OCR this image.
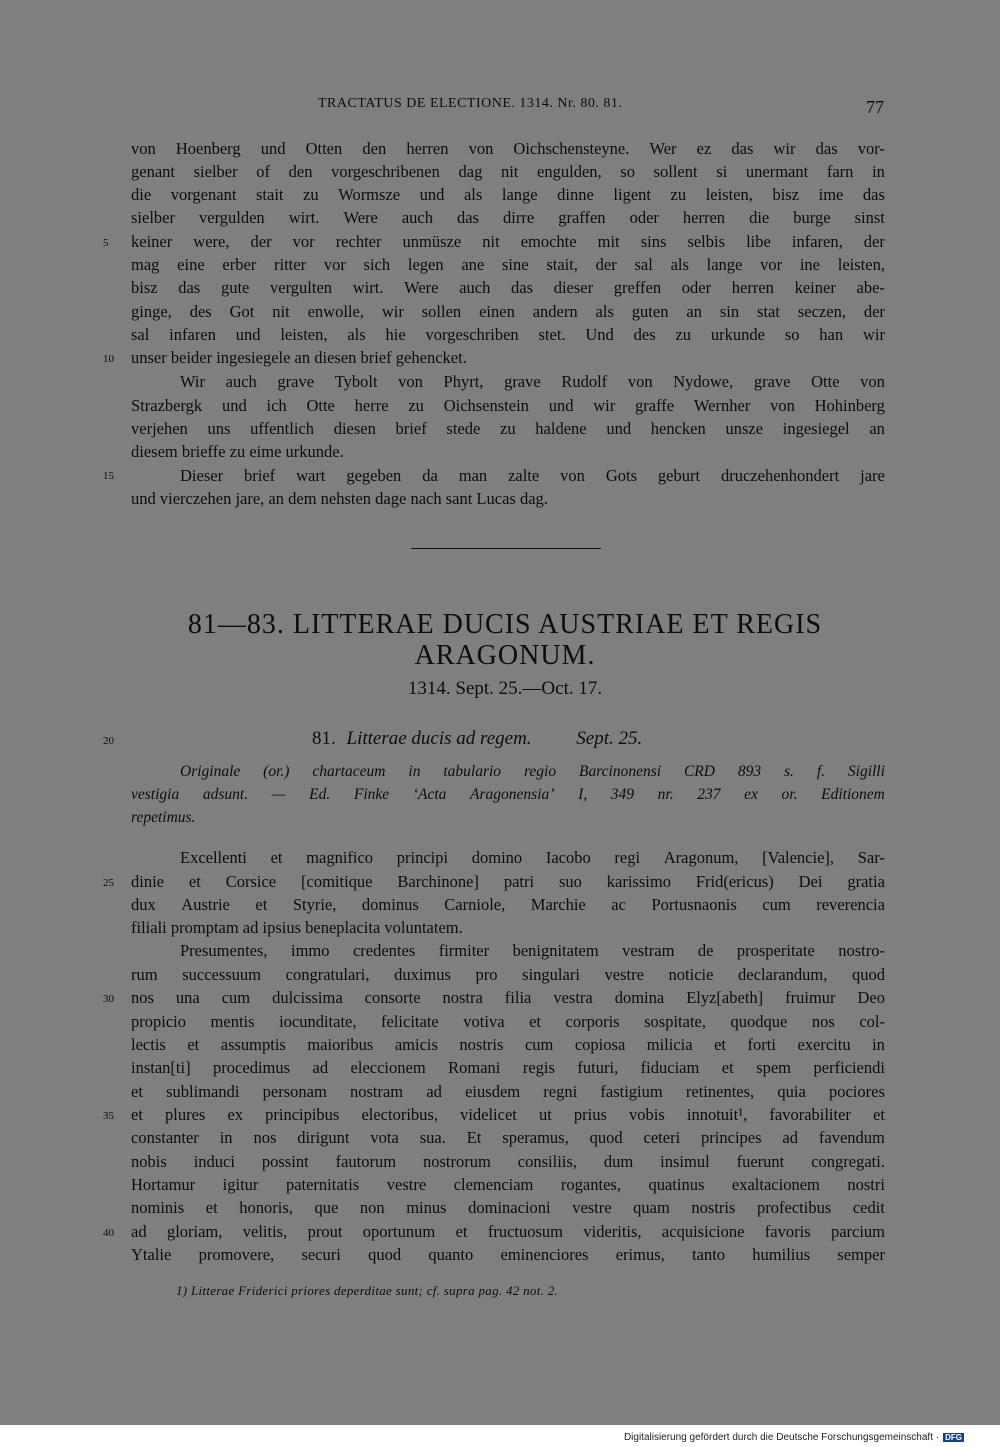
TRACTATUS DE ELECTIONE. 1314. Nr. 80. 81.	77
von Hoenberg und Otten den herren von Oichschensteyne. Wer ez das wir das vor-
genant sielber of den vorgeschribenen dag nit engulden, so sollent si unermant farn in
die vorgenant stait zu Wormsze und als lange dinne ligent zu leisten, bisz ime das
sielber vergulden wirt. Were auch das dirre graffen oder herren die burge sinst
keiner were, der vor rechter unmüsze nit emochte mit sins selbis libe infaren, der
mag eine erber ritter vor sich legen ane sine stait, der sal als lange vor ine leisten,
bisz das gute vergulten wirt. Were auch das dieser greffen oder herren keiner abe-
ginge, des Got nit enwolle, wir sollen einen andern als guten an sin stat seczen, der
sal infaren und leisten, als hie vorgeschriben stet. Und des zu urkunde so han wir
unser beider ingesiegele an diesen brief gehencket.
Wir auch grave Tybolt von Phyrt, grave Rudolf von Nydowe, grave Otte von
Strazbergk und ich Otte herre zu Oichsenstein und wir graffe Wernher von Hohinberg
verjehen uns uffentlich diesen brief stede zu haldene und hencken unsze ingesiegel an
diesem brieffe zu eime urkunde.
Dieser brief wart gegeben da man zalte von Gots geburt druczehenhondert jare
und vierczehen jare, an dem nehsten dage nach sant Lucas dag.
5
10
15
81—83. LITTERAE DUCIS AUSTRIAE ET REGIS
ARAGONUM.
1314. Sept. 25.—Oct. 17.
20	81. Litterae ducis ad regem. Sept. 25.
Originale (or.) chartaceum in tabulario regio Barcinonensi CRD 893 s. f. Sigilli
vestigia adsunt. — Ed. Finke ‘Acta Aragonensia’ I, 349 nr. 237 ex or. Editionem
repetimus.
Excellenti et magnifico principi domino Iacobo regi Aragonum, [Valencie], Sar-
dinie et Corsice [comitique Barchinone] patri suo karissimo Frid(ericus) Dei gratia
dux Austrie et Styrie, dominus Carniole, Marchie ac Portusnaonis cum reverencia
filiali promptam ad ipsius beneplacita voluntatem.
Presumentes, immo credentes firmiter benignitatem vestram de prosperitate nostro-
rum successuum congratulari, duximus pro singulari vestre noticie declarandum, quod
nos una cum dulcissima consorte nostra filia vestra domina Elyz[abeth] fruimur Deo
propicio mentis iocunditate, felicitate votiva et corporis sospitate, quodque nos col-
lectis et assumptis maioribus amicis nostris cum copiosa milicia et forti exercitu in
instan[ti] procedimus ad eleccionem Romani regis futuri, fiduciam et spem perficiendi
et sublimandi personam nostram ad eiusdem regni fastigium retinentes, quia pociores
et plures ex principibus electoribus, videlicet ut prius vobis innotuit¹, favorabiliter et
constanter in nos dirigunt vota sua. Et speramus, quod ceteri principes ad favendum
nobis induci possint fautorum nostrorum consiliis, dum insimul fuerunt congregati.
Hortamur igitur paternitatis vestre clemenciam rogantes, quatinus exaltacionem nostri
nominis et honoris, que non minus dominacioni vestre quam nostris profectibus cedit
ad gloriam, velitis, prout oportunum et fructuosum videritis, acquisicione favoris parcium
Ytalie promovere, securi quod quanto eminenciores erimus, tanto humilius semper
25
30
35
40
1) Litterae Friderici priores deperditae sunt; cf. supra pag. 42 not. 2.
Digitalisierung gefördert durch die Deutsche Forschungsgemeinschaft · DFG
